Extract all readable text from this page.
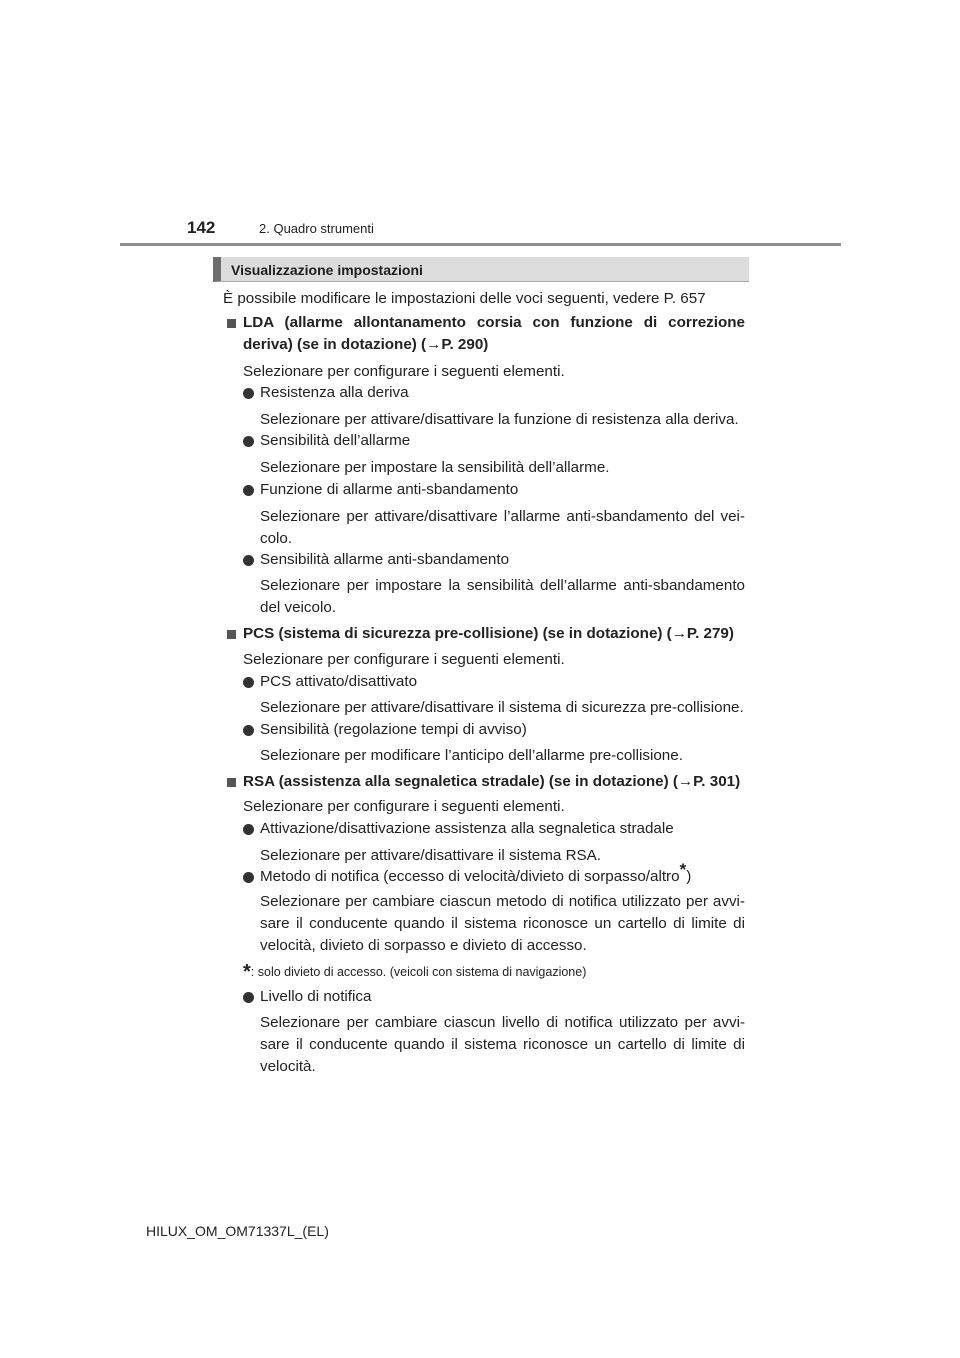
142	2. Quadro strumenti
Visualizzazione impostazioni
È possibile modificare le impostazioni delle voci seguenti, vedere P. 657
LDA (allarme allontanamento corsia con funzione di correzione
deriva) (se in dotazione) (→P. 290)
Selezionare per configurare i seguenti elementi.
Resistenza alla deriva
Selezionare per attivare/disattivare la funzione di resistenza alla deriva.
Sensibilità dell’allarme
Selezionare per impostare la sensibilità dell’allarme.
Funzione di allarme anti-sbandamento
Selezionare per attivare/disattivare l’allarme anti-sbandamento del vei-
colo.
Sensibilità allarme anti-sbandamento
Selezionare per impostare la sensibilità dell’allarme anti-sbandamento
del veicolo.
PCS (sistema di sicurezza pre-collisione) (se in dotazione) (→P. 279)
Selezionare per configurare i seguenti elementi.
PCS attivato/disattivato
Selezionare per attivare/disattivare il sistema di sicurezza pre-collisione.
Sensibilità (regolazione tempi di avviso)
Selezionare per modificare l’anticipo dell’allarme pre-collisione.
RSA (assistenza alla segnaletica stradale) (se in dotazione) (→P. 301)
Selezionare per configurare i seguenti elementi.
Attivazione/disattivazione assistenza alla segnaletica stradale
Selezionare per attivare/disattivare il sistema RSA.
Metodo di notifica (eccesso di velocità/divieto di sorpasso/altro*)
Selezionare per cambiare ciascun metodo di notifica utilizzato per avvi-
sare il conducente quando il sistema riconosce un cartello di limite di
velocità, divieto di sorpasso e divieto di accesso.
*: solo divieto di accesso. (veicoli con sistema di navigazione)
Livello di notifica
Selezionare per cambiare ciascun livello di notifica utilizzato per avvi-
sare il conducente quando il sistema riconosce un cartello di limite di
velocità.
HILUX_OM_OM71337L_(EL)
